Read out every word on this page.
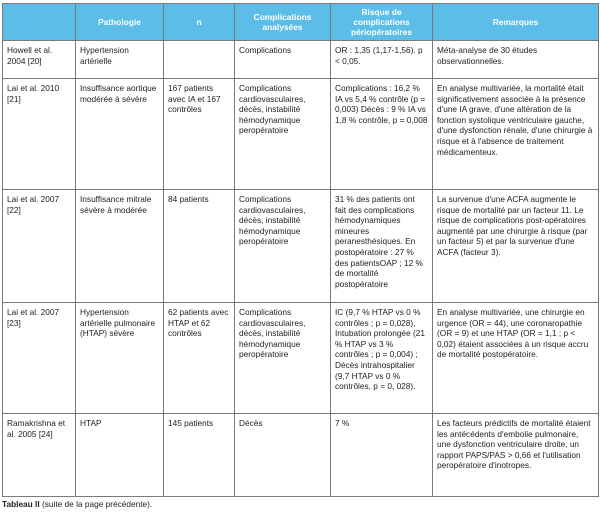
	Pathologie	n	Complications analysées	Risque de complications périopératoires	Remarques
Howell et al. 2004 [20]	Hypertension artérielle		Complications	OR : 1,35 (1,17-1,56). p < 0,05.	Méta-analyse de 30 études observationnelles.
Lai et al. 2010 [21]	Insuffisance aortique modérée à sévère	167 patients avec IA et 167 contrôles	Complications cardiovasculaires, décès, instabilité hémodynamique peropératoire	Complications : 16,2 % IA vs 5,4 % contrôle (p = 0,003) Décès : 9 % IA vs 1,8 % contrôle, p = 0,008	En analyse multivariée, la mortalité était significativement associée à la présence d'une IA grave, d'une altération de la fonction systolique ventriculaire gauche, d'une dysfonction rénale, d'une chirurgie à risque et à l'absence de traitement médicamenteux.
Lai et al. 2007 [22]	Insuffisance mitrale sévère à modérée	84 patients	Complications cardiovasculaires, décès, instabilité hémodynamique peropératoire	31 % des patients ont fait des complications hémodynamiques mineures peranesthésiques. En postopératoire : 27 % des patientsOAP ; 12 % de mortalité postopératoire	La survenue d'une ACFA augmente le risque de mortalité par un facteur 11. Le risque de complications post-opératoires augmenté par une chirurgie à risque (par un facteur 5) et par la survenue d'une ACFA (facteur 3).
Lai et al. 2007 [23]	Hypertension artérielle pulmonaire (HTAP) sévère	62 patients avec HTAP et 62 contrôles	Complications cardiovasculaires, décès, instabilité hémodynamique peropératoire	IC (9,7 % HTAP vs 0 % contrôles ; p = 0,028), Intubation prolongée (21 % HTAP vs 3 % contrôles ; p = 0,004) ; Décès intrahospitalier (9,7 HTAP vs 0 % contrôles, p = 0, 028).	En analyse multivariée, une chirurgie en urgence (OR = 44), une coronaropathie (OR = 9) et une HTAP (OR = 1,1 ; p < 0,02) étaient associées à un risque accru de mortalité postopératoire.
Ramakrishna et al. 2005 [24]	HTAP	145 patients	Décès	7 %	Les facteurs prédictifs de mortalité étaient les antécédents d'embolie pulmonaire, une dysfonction ventriculaire droite, un rapport PAPS/PAS > 0,66 et l'utilisation peropératoire d'inotropes.
Tableau II (suite de la page précédente).
